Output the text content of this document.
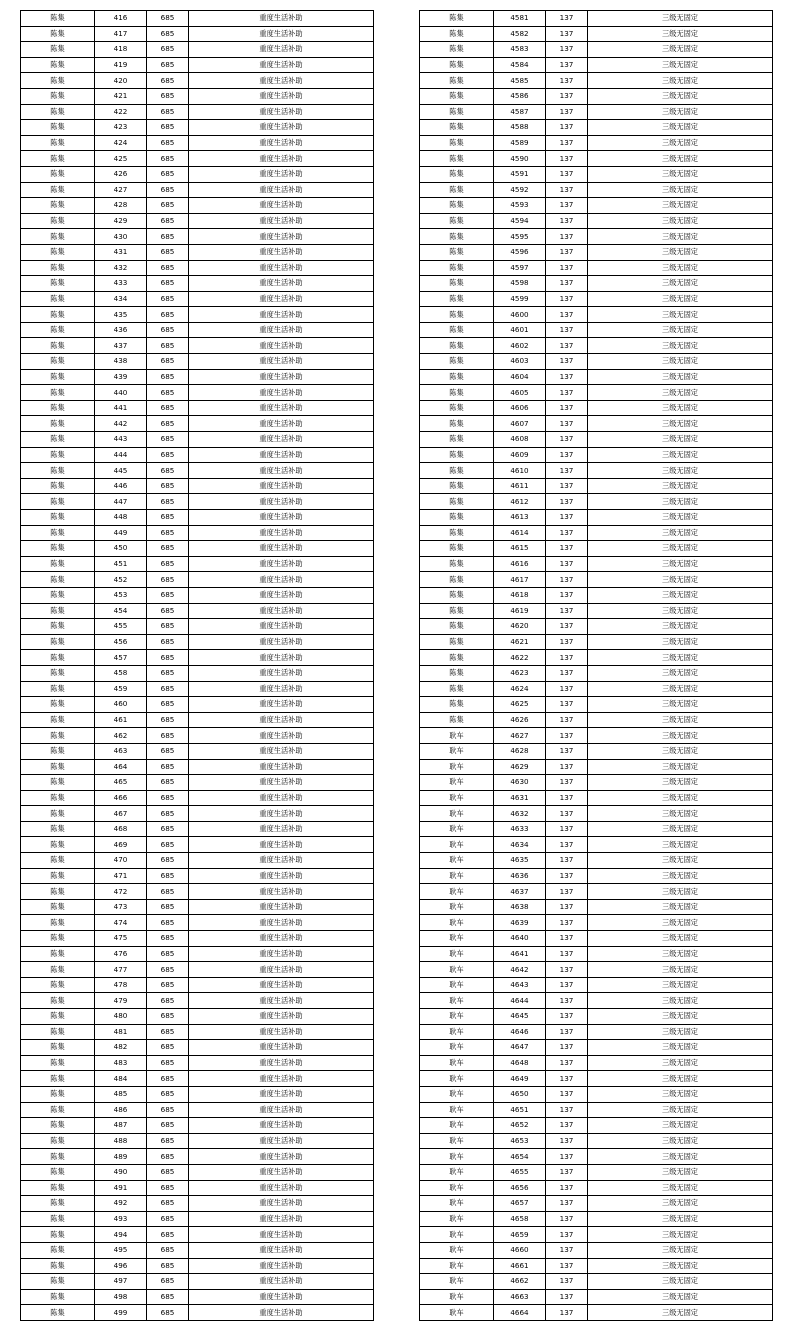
陈集	416	685	重度生活补助
陈集	417	685	重度生活补助
陈集	418	685	重度生活补助
陈集	419	685	重度生活补助
陈集	420	685	重度生活补助
陈集	421	685	重度生活补助
陈集	422	685	重度生活补助
陈集	423	685	重度生活补助
陈集	424	685	重度生活补助
陈集	425	685	重度生活补助
陈集	426	685	重度生活补助
陈集	427	685	重度生活补助
陈集	428	685	重度生活补助
陈集	429	685	重度生活补助
陈集	430	685	重度生活补助
陈集	431	685	重度生活补助
陈集	432	685	重度生活补助
陈集	433	685	重度生活补助
陈集	434	685	重度生活补助
陈集	435	685	重度生活补助
陈集	436	685	重度生活补助
陈集	437	685	重度生活补助
陈集	438	685	重度生活补助
陈集	439	685	重度生活补助
陈集	440	685	重度生活补助
陈集	441	685	重度生活补助
陈集	442	685	重度生活补助
陈集	443	685	重度生活补助
陈集	444	685	重度生活补助
陈集	445	685	重度生活补助
陈集	446	685	重度生活补助
陈集	447	685	重度生活补助
陈集	448	685	重度生活补助
陈集	449	685	重度生活补助
陈集	450	685	重度生活补助
陈集	451	685	重度生活补助
陈集	452	685	重度生活补助
陈集	453	685	重度生活补助
陈集	454	685	重度生活补助
陈集	455	685	重度生活补助
陈集	456	685	重度生活补助
陈集	457	685	重度生活补助
陈集	458	685	重度生活补助
陈集	459	685	重度生活补助
陈集	460	685	重度生活补助
陈集	461	685	重度生活补助
陈集	462	685	重度生活补助
陈集	463	685	重度生活补助
陈集	464	685	重度生活补助
陈集	465	685	重度生活补助
陈集	466	685	重度生活补助
陈集	467	685	重度生活补助
陈集	468	685	重度生活补助
陈集	469	685	重度生活补助
陈集	470	685	重度生活补助
陈集	471	685	重度生活补助
陈集	472	685	重度生活补助
陈集	473	685	重度生活补助
陈集	474	685	重度生活补助
陈集	475	685	重度生活补助
陈集	476	685	重度生活补助
陈集	477	685	重度生活补助
陈集	478	685	重度生活补助
陈集	479	685	重度生活补助
陈集	480	685	重度生活补助
陈集	481	685	重度生活补助
陈集	482	685	重度生活补助
陈集	483	685	重度生活补助
陈集	484	685	重度生活补助
陈集	485	685	重度生活补助
陈集	486	685	重度生活补助
陈集	487	685	重度生活补助
陈集	488	685	重度生活补助
陈集	489	685	重度生活补助
陈集	490	685	重度生活补助
陈集	491	685	重度生活补助
陈集	492	685	重度生活补助
陈集	493	685	重度生活补助
陈集	494	685	重度生活补助
陈集	495	685	重度生活补助
陈集	496	685	重度生活补助
陈集	497	685	重度生活补助
陈集	498	685	重度生活补助
陈集	499	685	重度生活补助
陈集	4581	137	三级无固定
陈集	4582	137	三级无固定
陈集	4583	137	三级无固定
陈集	4584	137	三级无固定
陈集	4585	137	三级无固定
陈集	4586	137	三级无固定
陈集	4587	137	三级无固定
陈集	4588	137	三级无固定
陈集	4589	137	三级无固定
陈集	4590	137	三级无固定
陈集	4591	137	三级无固定
陈集	4592	137	三级无固定
陈集	4593	137	三级无固定
陈集	4594	137	三级无固定
陈集	4595	137	三级无固定
陈集	4596	137	三级无固定
陈集	4597	137	三级无固定
陈集	4598	137	三级无固定
陈集	4599	137	三级无固定
陈集	4600	137	三级无固定
陈集	4601	137	三级无固定
陈集	4602	137	三级无固定
陈集	4603	137	三级无固定
陈集	4604	137	三级无固定
陈集	4605	137	三级无固定
陈集	4606	137	三级无固定
陈集	4607	137	三级无固定
陈集	4608	137	三级无固定
陈集	4609	137	三级无固定
陈集	4610	137	三级无固定
陈集	4611	137	三级无固定
陈集	4612	137	三级无固定
陈集	4613	137	三级无固定
陈集	4614	137	三级无固定
陈集	4615	137	三级无固定
陈集	4616	137	三级无固定
陈集	4617	137	三级无固定
陈集	4618	137	三级无固定
陈集	4619	137	三级无固定
陈集	4620	137	三级无固定
陈集	4621	137	三级无固定
陈集	4622	137	三级无固定
陈集	4623	137	三级无固定
陈集	4624	137	三级无固定
陈集	4625	137	三级无固定
陈集	4626	137	三级无固定
耿车	4627	137	三级无固定
耿车	4628	137	三级无固定
耿车	4629	137	三级无固定
耿车	4630	137	三级无固定
耿车	4631	137	三级无固定
耿车	4632	137	三级无固定
耿车	4633	137	三级无固定
耿车	4634	137	三级无固定
耿车	4635	137	三级无固定
耿车	4636	137	三级无固定
耿车	4637	137	三级无固定
耿车	4638	137	三级无固定
耿车	4639	137	三级无固定
耿车	4640	137	三级无固定
耿车	4641	137	三级无固定
耿车	4642	137	三级无固定
耿车	4643	137	三级无固定
耿车	4644	137	三级无固定
耿车	4645	137	三级无固定
耿车	4646	137	三级无固定
耿车	4647	137	三级无固定
耿车	4648	137	三级无固定
耿车	4649	137	三级无固定
耿车	4650	137	三级无固定
耿车	4651	137	三级无固定
耿车	4652	137	三级无固定
耿车	4653	137	三级无固定
耿车	4654	137	三级无固定
耿车	4655	137	三级无固定
耿车	4656	137	三级无固定
耿车	4657	137	三级无固定
耿车	4658	137	三级无固定
耿车	4659	137	三级无固定
耿车	4660	137	三级无固定
耿车	4661	137	三级无固定
耿车	4662	137	三级无固定
耿车	4663	137	三级无固定
耿车	4664	137	三级无固定
